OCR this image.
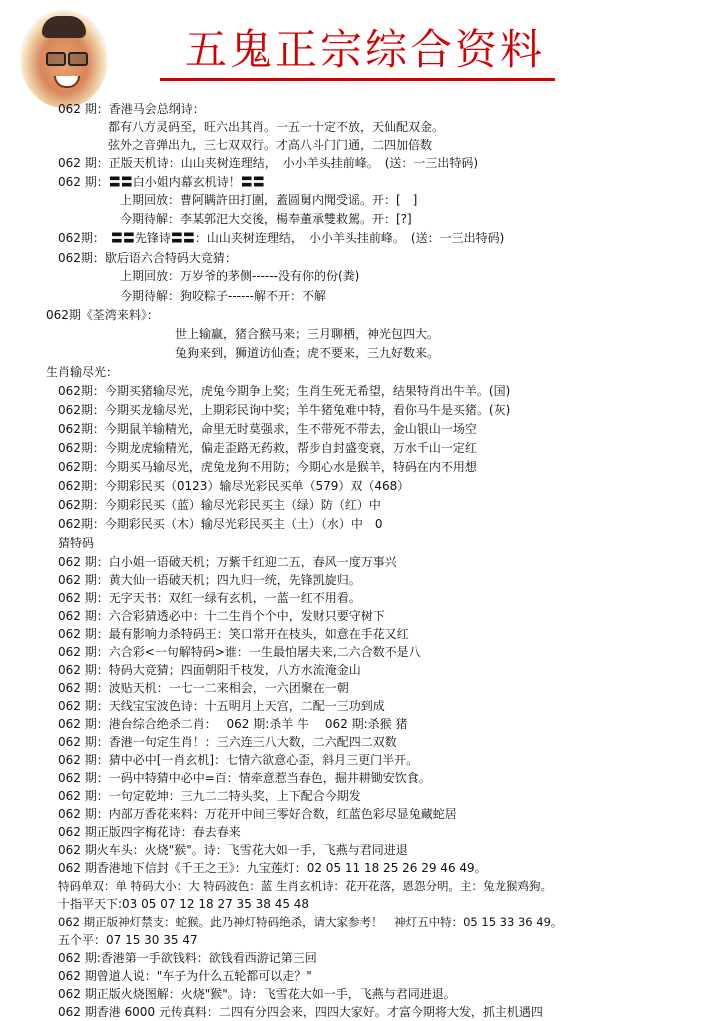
五鬼正宗综合资料
062 期：香港马会总纲诗：
都有八方灵码至，旺六出其肖。一五一十定不放，天仙配双金。
弦外之音弹出九，三七双双行。才高八斗门门通，二四加倍数
062 期：正版天机诗：山山夹树连理结，　小小羊头挂前峰。　(送：一三出特码)
062 期：〓〓白小姐内幕玄机诗！〓〓
上期回放：曹阿瞒許田打圍，蓋圆舅内聞受谣。开：[　]
今期待解：李某郭汜大交後，楊奉董承雙救駕。开：[?]
062期：　〓〓先锋诗〓〓：山山夹树连理结，　小小羊头挂前峰。　(送：一三出特码)
062期：歇后语六合特码大竞猜：
上期回放：万岁爷的茅侧------没有你的份(粪)
今期待解：狗咬粽子------解不开：不解
062期《荃湾来料》：
世上输赢，猪合猴马来；三月聊栖，神光包四大。
兔狗来到，狮道访仙查；虎不要来，三九好数来。
生肖输尽光：
062期：今期买猪输尽光，虎兔今期争上奖；生肖生死无希望，结果特肖出牛羊。(国)
062期：今期买龙输尽光，上期彩民询中奖；羊牛猪兔难中特，看你马牛是买猪。(灰)
062期：今期鼠羊输精光，命里无时莫强求，生不带死不带去，金山银山一场空
062期：今期龙虎输精光，偏走歪路无药救，帮步自封盛变衰，万水千山一定红
062期：今期买马输尽光，虎兔龙狗不用防；今期心水是猴羊，特码在内不用想
062期：今期彩民买（0123）输尽光彩民买单（579）双（468）
062期：今期彩民买（蓝）输尽光彩民买主（绿）防（红）中
062期：今期彩民买（木）输尽光彩民买主（土）（水）中　0
猜特码
062 期：白小姐一语破天机；万紫千红迎二五，春风一度万事兴
062 期：黄大仙一语破天机；四九归一统，先锋凯旋归。
062 期：无字天书：双红一绿有玄机，一蓝一红不用看。
062 期：六合彩猜透必中：十二生肖个个中，发财只要守树下
062 期：最有影响力杀特码王：笑口常开在枝头，如意在手花又红
062 期：六合彩<一句解特码>谁：一生最怕屠夫来,二六合数不是八
062 期：特码大竞猜；四面朝阳千枝发，八方水流淹金山
062 期：波贴天机：一七一二来相会，一六团聚在一朝
062 期：天线宝宝波色诗：十五明月上天宫，二配一三功到成
062 期：港台综合绝杀二肖：　 062 期:杀羊 牛　 062 期:杀猴 猪
062 期：香港一句定生肖！：三六连三八大数，二六配四二双数
062 期：猜中必中[一肖玄机]：七情六欲意心歪，斜月三更门半开。
062 期：一码中特猜中必中=百：情牵意惹当春色，掘井耕锄安饮食。
062 期：一句定乾坤：三九二二特头奖，上下配合今期发
062 期：内部万香花来料：万花开中间三零好合数，红蓝色彩尽显兔藏蛇居
062 期正版四字梅花诗：春去春来
062 期火车头：火烧"猴"。诗：飞雪花大如一手，飞燕与君同进退
062 期香港地下信封《千王之王》：九宝莲灯：02 05 11 18 25 26 29 46 49。
特码单双：单 特码大小：大 特码波色：蓝 生肖玄机诗：花开花落，恩怨分明。主：兔龙猴鸡狗。
十指平天下:03 05 07 12 18 27 35 38 45 48
062 期正版神灯禁支：蛇猴。此乃神灯特码绝杀，请大家参考！　神灯五中特：05 15 33 36 49。
五个平：07 15 30 35 47
062 期:香港第一手欲钱料：欲钱看西游记第三回
062 期曾道人说："车子为什么五轮都可以走？"
062 期正版火烧图解：火烧"猴"。诗：飞雪花大如一手，飞燕与君同进退。
062 期香港 6000 元传真料：二四有分四会来，四四大家好。才富今期将大发，抓主机遇四
